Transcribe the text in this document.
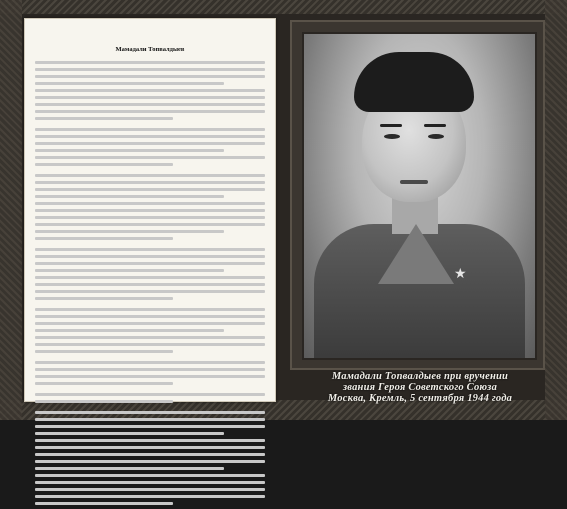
Мамадали Топвалдыев
★
Мамадали Топвалдыев при вручении
звания Героя Советского Союза
Москва, Кремль, 5 сентября 1944 года
